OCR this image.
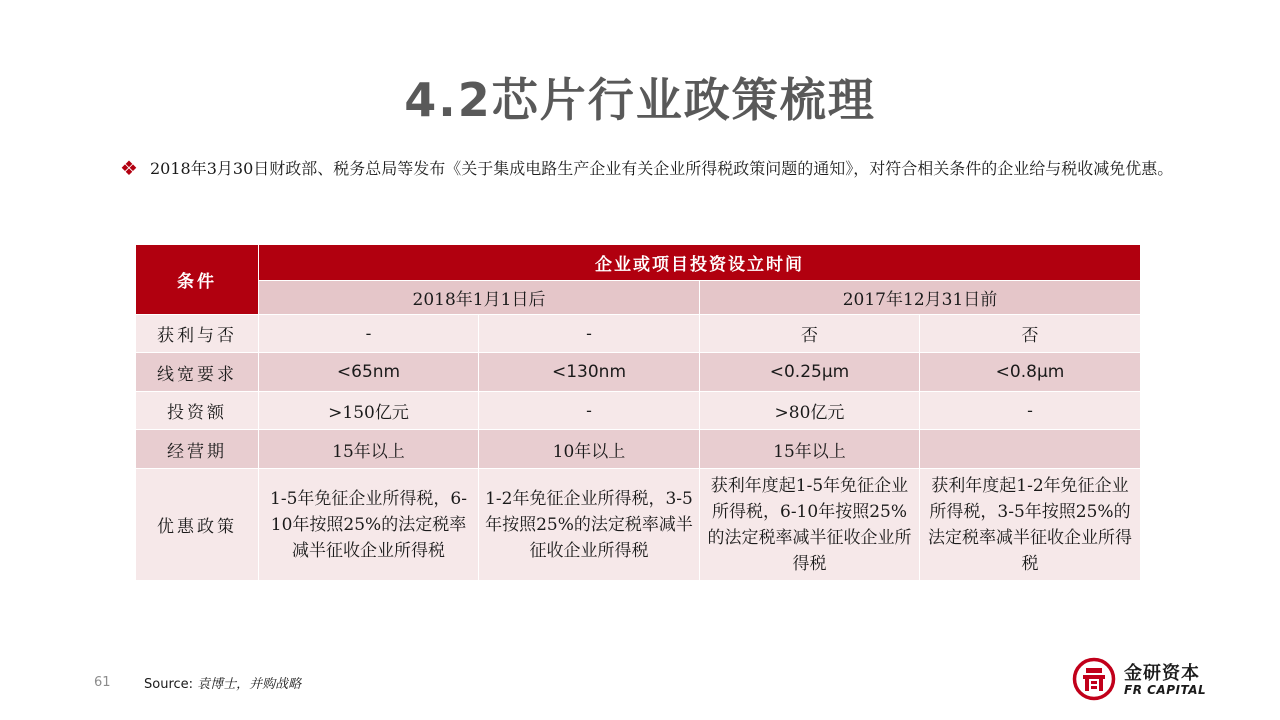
4.2芯片行业政策梳理
❖ 2018年3月30日财政部、税务总局等发布《关于集成电路生产企业有关企业所得税政策问题的通知》，对符合相关条件的企业给与税收减免优惠。
条件	企业或项目投资设立时间			
	2018年1月1日后		2017年12月31日前	
获利与否	-	-	否	否
线宽要求	<65nm	<130nm	<0.25μm	<0.8μm
投资额	>150亿元	-	>80亿元	-
经营期	15年以上	10年以上	15年以上	
优惠政策	1-5年免征企业所得税，6-10年按照25%的法定税率减半征收企业所得税	1-2年免征企业所得税，3-5年按照25%的法定税率减半征收企业所得税	获利年度起1-5年免征企业所得税，6-10年按照25%的法定税率减半征收企业所得税	获利年度起1-2年免征企业所得税，3-5年按照25%的法定税率减半征收企业所得税
61	Source: 袁博士，并购战略
金研资本
FR CAPITAL
